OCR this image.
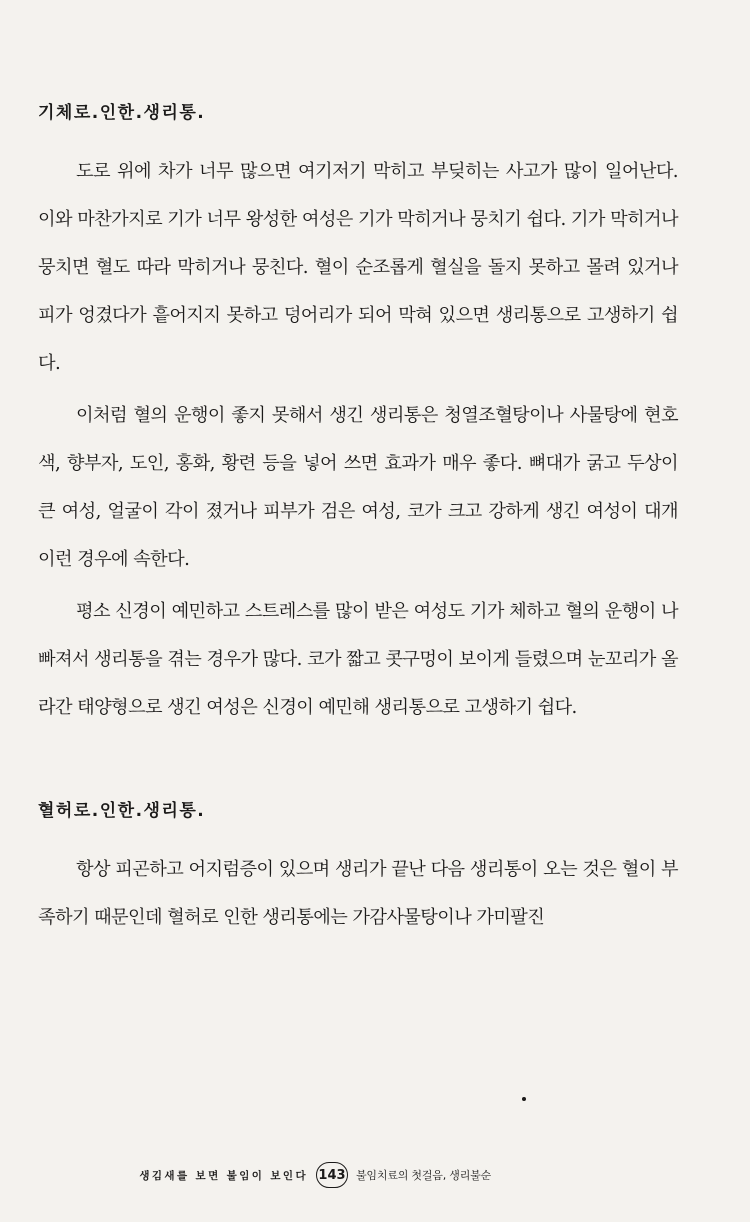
기체로.인한.생리통.

도로 위에 차가 너무 많으면 여기저기 막히고 부딪히는 사고가 많이 일어난다. 이와 마찬가지로 기가 너무 왕성한 여성은 기가 막히거나 뭉치기 쉽다. 기가 막히거나 뭉치면 혈도 따라 막히거나 뭉친다. 혈이 순조롭게 혈실을 돌지 못하고 몰려 있거나 피가 엉겼다가 흩어지지 못하고 덩어리가 되어 막혀 있으면 생리통으로 고생하기 쉽다.

이처럼 혈의 운행이 좋지 못해서 생긴 생리통은 청열조혈탕이나 사물탕에 현호색, 향부자, 도인, 홍화, 황련 등을 넣어 쓰면 효과가 매우 좋다. 뼈대가 굵고 두상이 큰 여성, 얼굴이 각이 졌거나 피부가 검은 여성, 코가 크고 강하게 생긴 여성이 대개 이런 경우에 속한다.

평소 신경이 예민하고 스트레스를 많이 받은 여성도 기가 체하고 혈의 운행이 나빠져서 생리통을 겪는 경우가 많다. 코가 짧고 콧구멍이 보이게 들렸으며 눈꼬리가 올라간 태양형으로 생긴 여성은 신경이 예민해 생리통으로 고생하기 쉽다.

혈허로.인한.생리통.

항상 피곤하고 어지럼증이 있으며 생리가 끝난 다음 생리통이 오는 것은 혈이 부족하기 때문인데 혈허로 인한 생리통에는 가감사물탕이나 가미팔진

생김새를 보면 불임이 보인다 143 불임치료의 첫걸음, 생리불순
